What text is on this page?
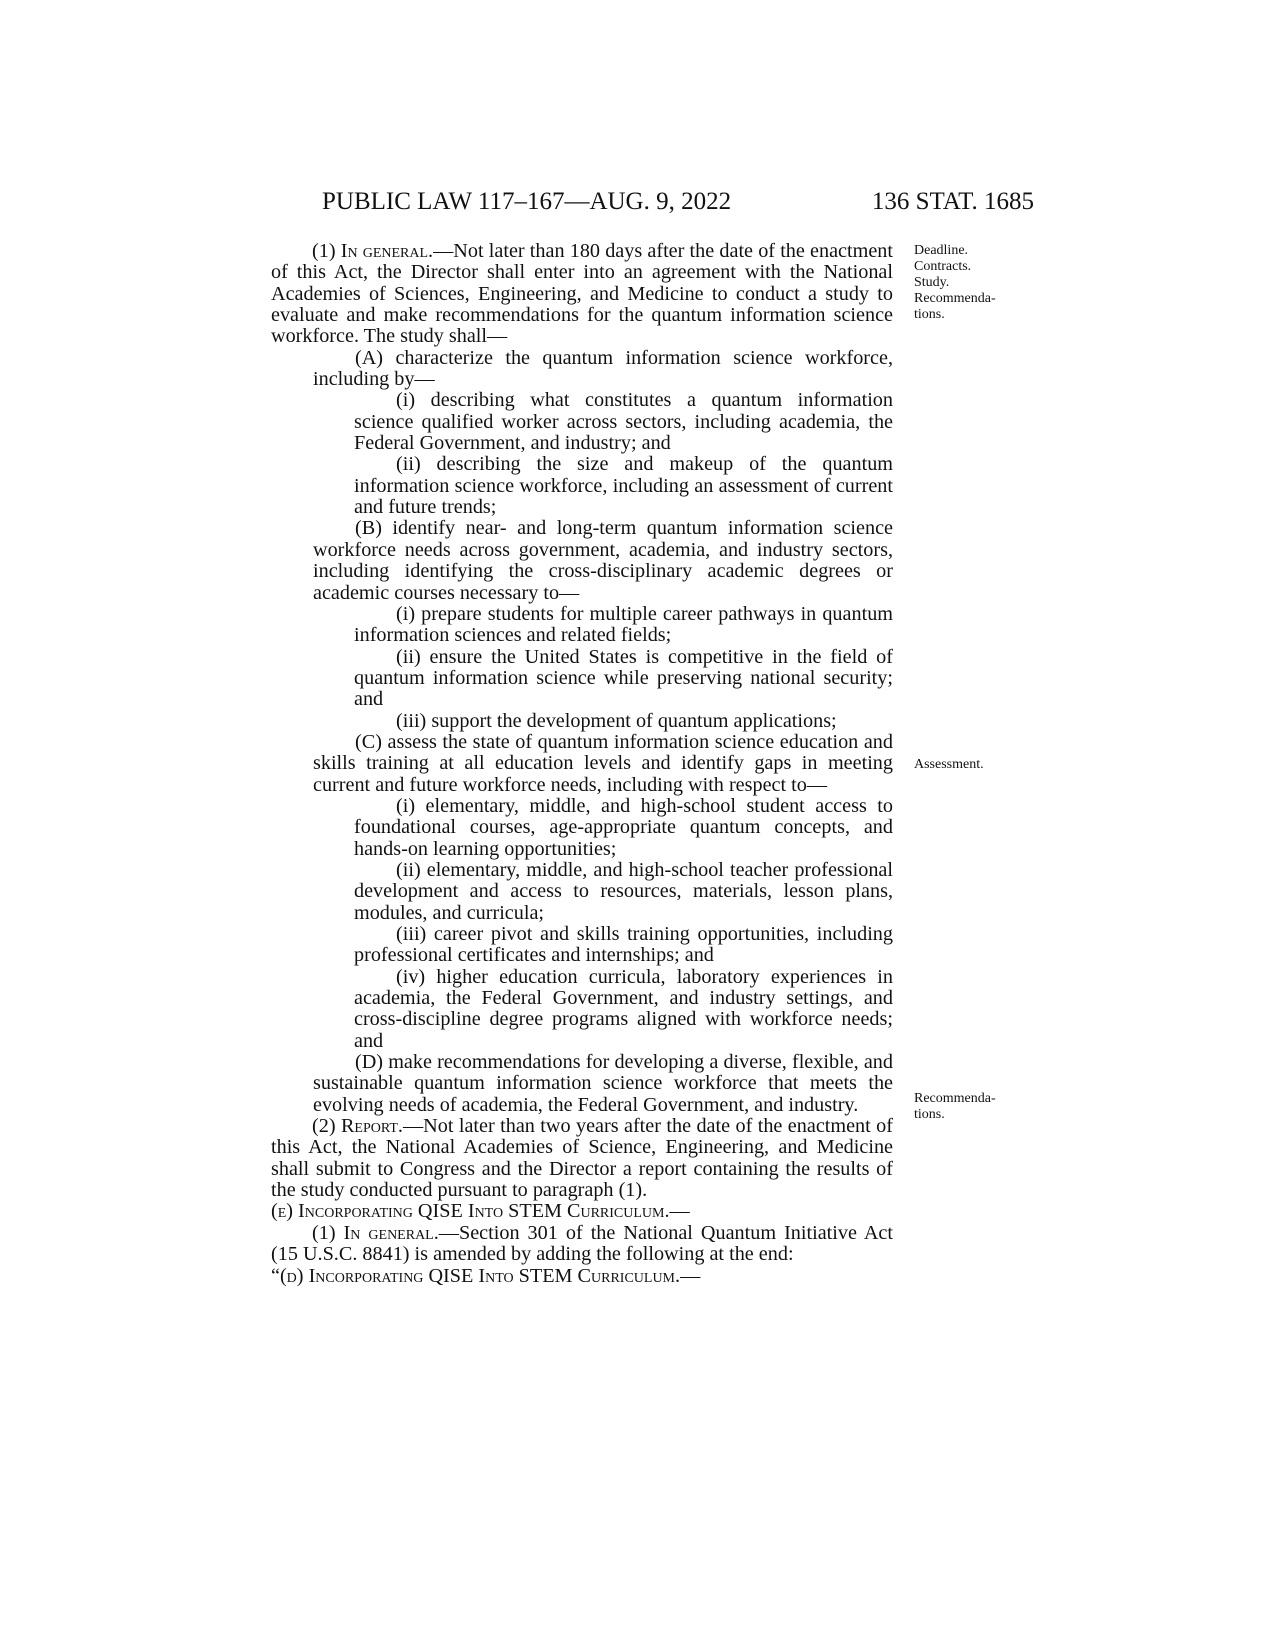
PUBLIC LAW 117–167—AUG. 9, 2022	136 STAT. 1685

(1) In general.—Not later than 180 days after the date of the enactment of this Act, the Director shall enter into an agreement with the National Academies of Sciences, Engineering, and Medicine to conduct a study to evaluate and make recommendations for the quantum information science workforce. The study shall—

(A) characterize the quantum information science workforce, including by—

(i) describing what constitutes a quantum information science qualified worker across sectors, including academia, the Federal Government, and industry; and

(ii) describing the size and makeup of the quantum information science workforce, including an assessment of current and future trends;

(B) identify near- and long-term quantum information science workforce needs across government, academia, and industry sectors, including identifying the cross-disciplinary academic degrees or academic courses necessary to—

(i) prepare students for multiple career pathways in quantum information sciences and related fields;

(ii) ensure the United States is competitive in the field of quantum information science while preserving national security; and

(iii) support the development of quantum applications;

(C) assess the state of quantum information science education and skills training at all education levels and identify gaps in meeting current and future workforce needs, including with respect to—

(i) elementary, middle, and high-school student access to foundational courses, age-appropriate quantum concepts, and hands-on learning opportunities;

(ii) elementary, middle, and high-school teacher professional development and access to resources, materials, lesson plans, modules, and curricula;

(iii) career pivot and skills training opportunities, including professional certificates and internships; and

(iv) higher education curricula, laboratory experiences in academia, the Federal Government, and industry settings, and cross-discipline degree programs aligned with workforce needs; and

(D) make recommendations for developing a diverse, flexible, and sustainable quantum information science workforce that meets the evolving needs of academia, the Federal Government, and industry.

(2) Report.—Not later than two years after the date of the enactment of this Act, the National Academies of Science, Engineering, and Medicine shall submit to Congress and the Director a report containing the results of the study conducted pursuant to paragraph (1).

(e) Incorporating QISE Into STEM Curriculum.—

(1) In general.—Section 301 of the National Quantum Initiative Act (15 U.S.C. 8841) is amended by adding the following at the end:

“(d) Incorporating QISE Into STEM Curriculum.—

Deadline.
Contracts.
Study.
Recommenda-
tions.
Assessment.
Recommenda-
tions.
